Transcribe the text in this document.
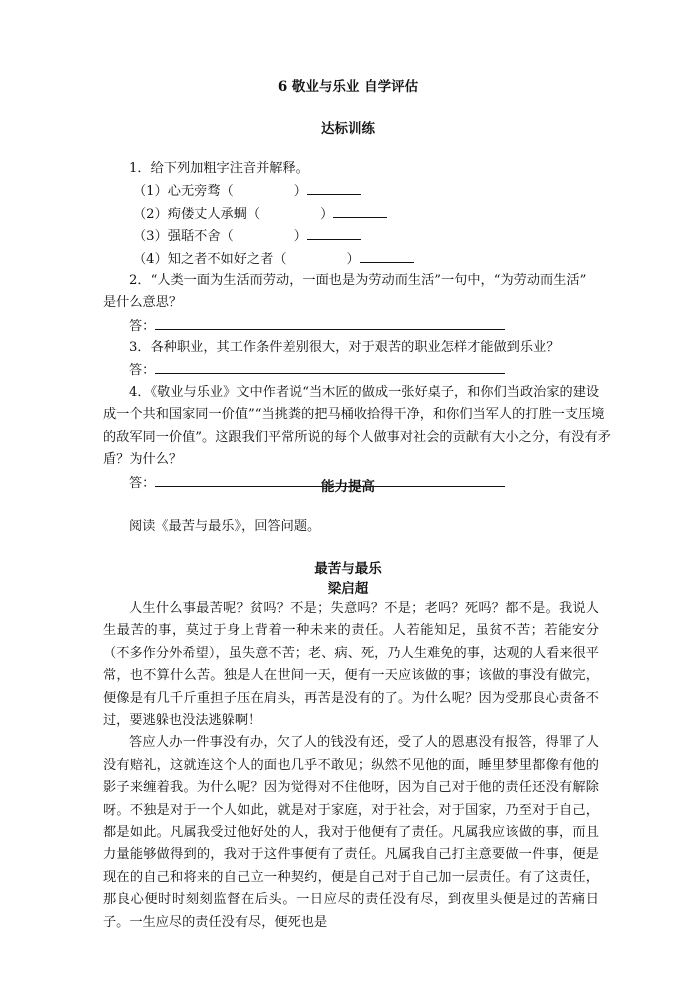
6 敬业与乐业 自学评估
达标训练
1．给下列加粗字注音并解释。
（1）心无旁骛（	）
（2）痀偻丈人承蜩（	）
（3）强聒不舍（	）
（4）知之者不如好之者（	）
2．“人类一面为生活而劳动，一面也是为劳动而生活”一句中，“为劳动而生活”
是什么意思？
答：
3．各种职业，其工作条件差别很大，对于艰苦的职业怎样才能做到乐业？
答：
4．《敬业与乐业》文中作者说“当木匠的做成一张好桌子，和你们当政治家的建设
成一个共和国家同一价值”“当挑粪的把马桶收拾得干净，和你们当军人的打胜一支压境
的敌军同一价值”。这跟我们平常所说的每个人做事对社会的贡献有大小之分，有没有矛
盾？为什么？
答：	能力提高
阅读《最苦与最乐》，回答问题。
最苦与最乐
梁启超

人生什么事最苦呢？贫吗？不是；失意吗？不是；老吗？死吗？都不是。我说人生最苦的事，莫过于身上背着一种未来的责任。人若能知足，虽贫不苦；若能安分（不多作分外希望），虽失意不苦；老、病、死，乃人生难免的事，达观的人看来很平常，也不算什么苦。独是人在世间一天，便有一天应该做的事；该做的事没有做完，便像是有几千斤重担子压在肩头，再苦是没有的了。为什么呢？因为受那良心责备不过，要逃躲也没法逃躲啊！

答应人办一件事没有办，欠了人的钱没有还，受了人的恩惠没有报答，得罪了人没有赔礼，这就连这个人的面也几乎不敢见；纵然不见他的面，睡里梦里都像有他的影子来缠着我。为什么呢？因为觉得对不住他呀，因为自己对于他的责任还没有解除呀。不独是对于一个人如此，就是对于家庭，对于社会，对于国家，乃至对于自己，都是如此。凡属我受过他好处的人，我对于他便有了责任。凡属我应该做的事，而且力量能够做得到的，我对于这件事便有了责任。凡属我自己打主意要做一件事，便是现在的自己和将来的自己立一种契约，便是自己对于自己加一层责任。有了这责任，那良心便时时刻刻监督在后头。一日应尽的责任没有尽，到夜里头便是过的苦痛日子。一生应尽的责任没有尽，便死也是
